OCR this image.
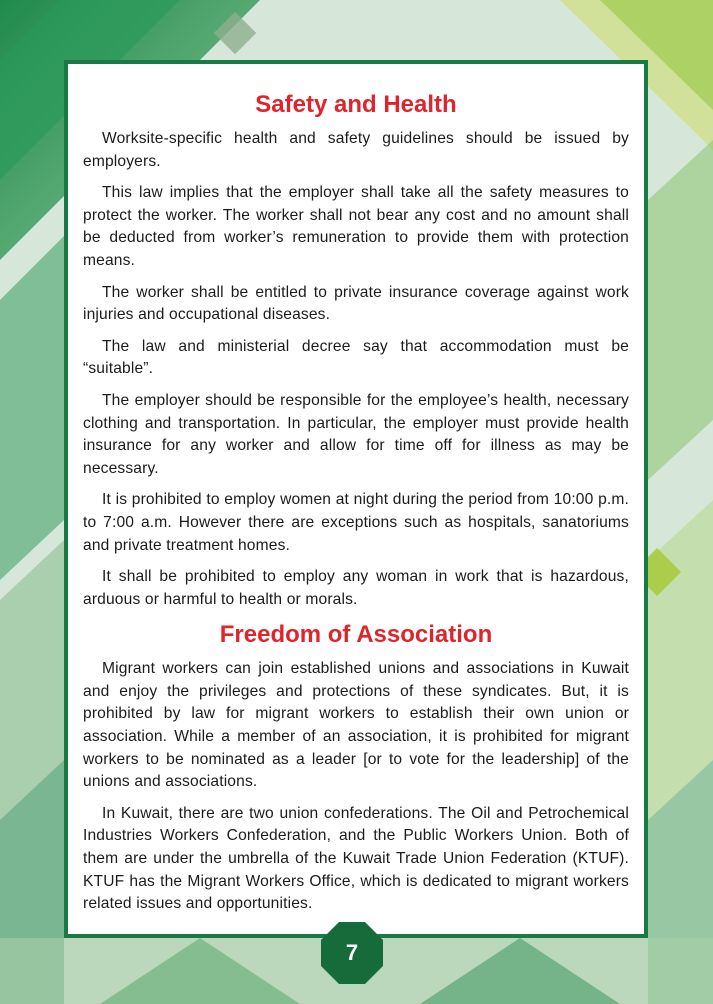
Safety and Health

Worksite-specific health and safety guidelines should be issued by employers.

This law implies that the employer shall take all the safety measures to protect the worker. The worker shall not bear any cost and no amount shall be deducted from worker’s remuneration to provide them with protection means.

The worker shall be entitled to private insurance coverage against work injuries and occupational diseases.

The law and ministerial decree say that accommodation must be “suitable”.

The employer should be responsible for the employee’s health, necessary clothing and transportation. In particular, the employer must provide health insurance for any worker and allow for time off for illness as may be necessary.

It is prohibited to employ women at night during the period from 10:00 p.m. to 7:00 a.m. However there are exceptions such as hospitals, sanatoriums and private treatment homes.

It shall be prohibited to employ any woman in work that is hazardous, arduous or harmful to health or morals.

Freedom of Association

Migrant workers can join established unions and associations in Kuwait and enjoy the privileges and protections of these syndicates. But, it is prohibited by law for migrant workers to establish their own union or association. While a member of an association, it is prohibited for migrant workers to be nominated as a leader [or to vote for the leadership] of the unions and associations.

In Kuwait, there are two union confederations. The Oil and Petrochemical Industries Workers Confederation, and the Public Workers Union. Both of them are under the umbrella of the Kuwait Trade Union Federation (KTUF). KTUF has the Migrant Workers Office, which is dedicated to migrant workers related issues and opportunities.

7
